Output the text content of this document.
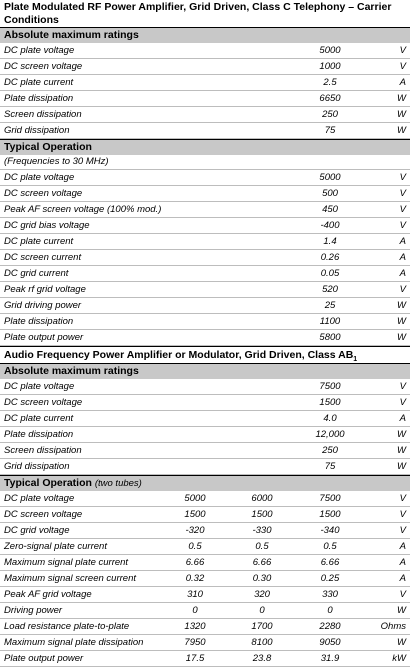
Plate Modulated RF Power Amplifier, Grid Driven, Class C Telephony – Carrier Conditions
Absolute maximum ratings
DC plate voltage	5000	V
DC screen voltage	1000	V
DC plate current	2.5	A
Plate dissipation	6650	W
Screen dissipation	250	W
Grid dissipation	75	W
Typical Operation
(Frequencies to 30 MHz)
DC plate voltage	5000	V
DC screen voltage	500	V
Peak AF screen voltage (100% mod.)	450	V
DC grid bias voltage	-400	V
DC plate current	1.4	A
DC screen current	0.26	A
DC grid current	0.05	A
Peak rf grid voltage	520	V
Grid driving power	25	W
Plate dissipation	1100	W
Plate output power	5800	W
Audio Frequency Power Amplifier or Modulator, Grid Driven, Class $AB_1$
Absolute maximum ratings
DC plate voltage	7500	V
DC screen voltage	1500	V
DC plate current	4.0	A
Plate dissipation	12,000	W
Screen dissipation	250	W
Grid dissipation	75	W
Typical Operation (two tubes)
DC plate voltage	5000	6000	7500	V
DC screen voltage	1500	1500	1500	V
DC grid voltage	-320	-330	-340	V
Zero-signal plate current	0.5	0.5	0.5	A
Maximum signal plate current	6.66	6.66	6.66	A
Maximum signal screen current	0.32	0.30	0.25	A
Peak AF grid voltage	310	320	330	V
Driving power	0	0	0	W
Load resistance plate-to-plate	1320	1700	2280	Ohms
Maximum signal plate dissipation	7950	8100	9050	W
Plate output power	17.5	23.8	31.9	kW
